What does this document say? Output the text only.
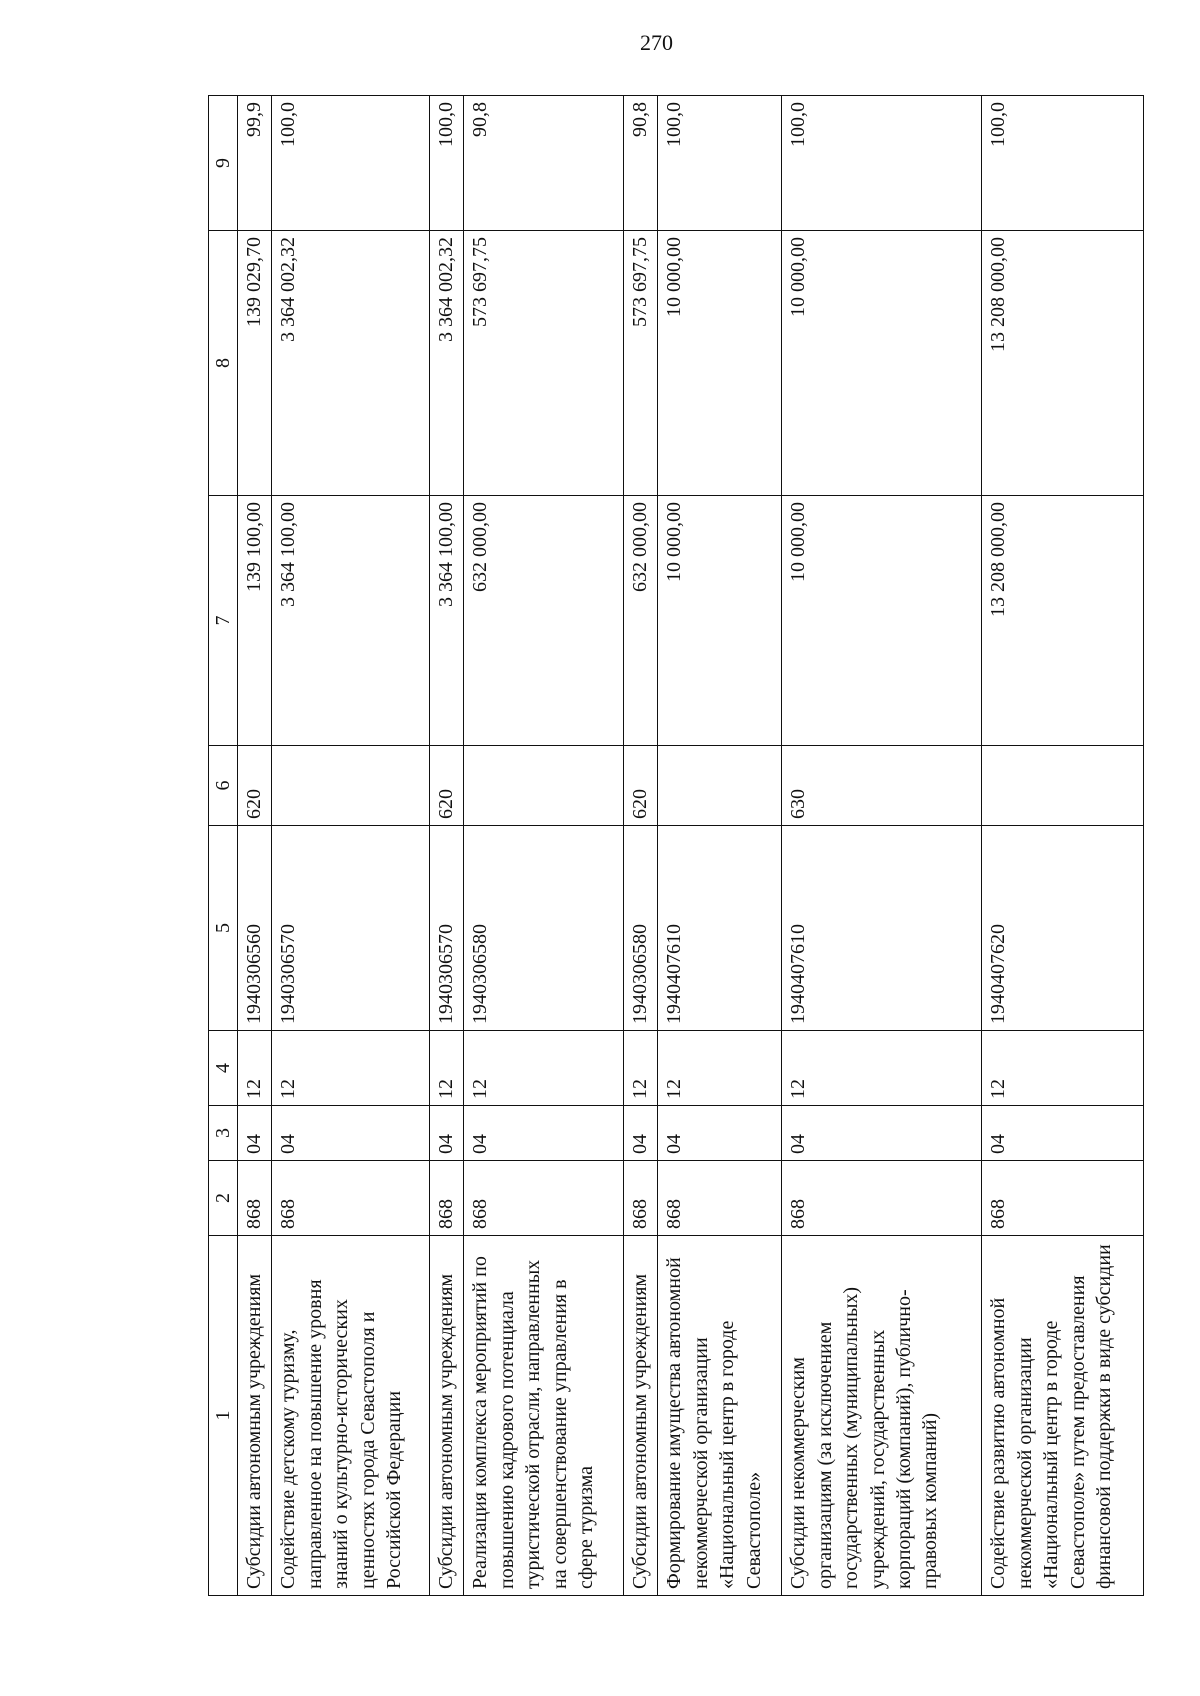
270
1	2	3	4	5	6	7	8	9
Субсидии автономным учреждениям	868	04	12	1940306560	620	139 100,00	139 029,70	99,9
Содействие детскому туризму, направленное на повышение уровня знаний о культурно-исторических ценностях города Севастополя и Российской Федерации	868	04	12	1940306570		3 364 100,00	3 364 002,32	100,0
Субсидии автономным учреждениям	868	04	12	1940306570	620	3 364 100,00	3 364 002,32	100,0
Реализация комплекса мероприятий по повышению кадрового потенциала туристической отрасли, направленных на совершенствование управления в сфере туризма	868	04	12	1940306580		632 000,00	573 697,75	90,8
Субсидии автономным учреждениям	868	04	12	1940306580	620	632 000,00	573 697,75	90,8
Формирование имущества автономной некоммерческой организации «Национальный центр в городе Севастополе»	868	04	12	1940407610		10 000,00	10 000,00	100,0
Субсидии некоммерческим организациям (за исключением государственных (муниципальных) учреждений, государственных корпораций (компаний), публично-правовых компаний)	868	04	12	1940407610	630	10 000,00	10 000,00	100,0
Содействие развитию автономной некоммерческой организации «Национальный центр в городе Севастополе» путем предоставления финансовой поддержки в виде субсидии	868	04	12	1940407620		13 208 000,00	13 208 000,00	100,0
